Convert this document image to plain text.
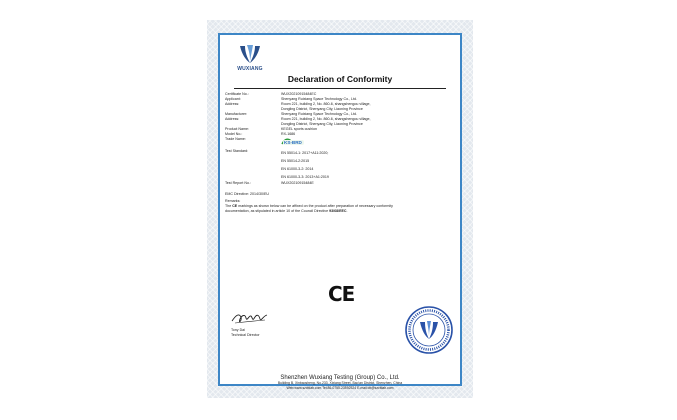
WUXIANG
Declaration of Conformity
Certificate No.:	WUX20210915484EC
Applicant:	Shenyang Ruixiang Space Technology Co., Ltd.
Address:	Room 221, building 2, No. 860-6, shangshengou village,
Dongling District, Shenyang City, Liaoning Province
Manufacturer:	Shenyang Ruixiang Space Technology Co., Ltd.
Address:	Room 221, building 2, No. 860-6, shangshengou village,
Dongling District, Shenyang City, Liaoning Province
Product Name:	KEGEL sports cushion
Model No.:	RX-1686
Trade Name:
KS-BRD
Test Standard:	EN 55014-1: 2017+A11:2020;
EN 55014-2:2015
EN 61000-3-2: 2014
EN 61000-3-3: 2013+A1:2019
Test Report No.:	WUX20210915484E
EMC Directive: 2014/30/EU
Remarks:
The CE markings as shown below can be affixed on the product after preparation of necessary conformity
documentation, as stipulated in article 10 of the Council Directive 93/68/EEC.
CE
Tony Dai
Technical Director
Shenzhen Wuxiang Testing (Group) Co., Ltd.
Building B, Xinbaosheng, No.233, Xixiang Street, Bao'an District, Shenzhen, China
Web:www.szcttlab.com Tel:86-0755-23592524 E-mail:ctt@szcttlab.com
